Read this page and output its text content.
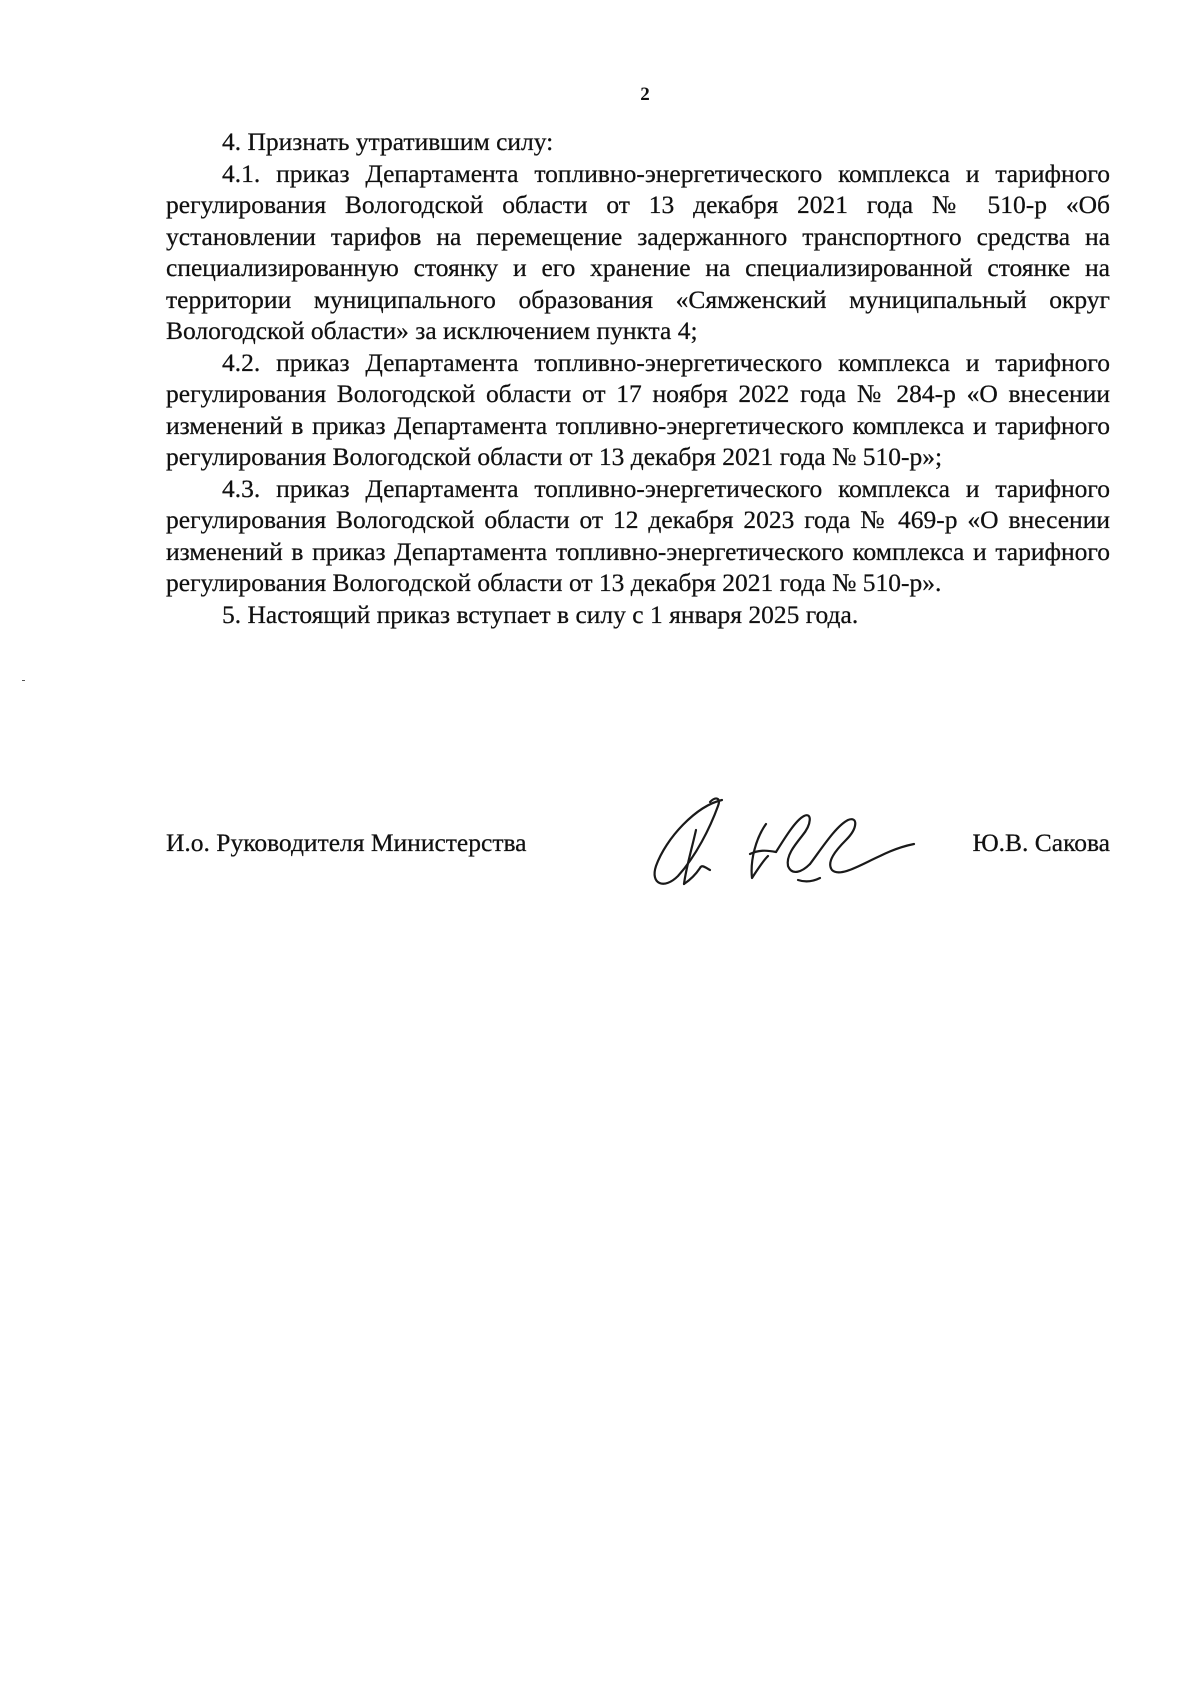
2

4. Признать утратившим силу:

4.1. приказ Департамента топливно-энергетического комплекса и тарифного регулирования Вологодской области от 13 декабря 2021 года № 510-р «Об установлении тарифов на перемещение задержанного транспортного средства на специализированную стоянку и его хранение на специализированной стоянке на территории муниципального образования «Сямженский муниципальный округ Вологодской области» за исключением пункта 4;

4.2. приказ Департамента топливно-энергетического комплекса и тарифного регулирования Вологодской области от 17 ноября 2022 года № 284-р «О внесении изменений в приказ Департамента топливно-энергетического комплекса и тарифного регулирования Вологодской области от 13 декабря 2021 года № 510-р»;

4.3. приказ Департамента топливно-энергетического комплекса и тарифного регулирования Вологодской области от 12 декабря 2023 года № 469-р «О внесении изменений в приказ Департамента топливно-энергетического комплекса и тарифного регулирования Вологодской области от 13 декабря 2021 года № 510-р».

5. Настоящий приказ вступает в силу с 1 января 2025 года.

И.о. Руководителя Министерства	Ю.В. Сакова
